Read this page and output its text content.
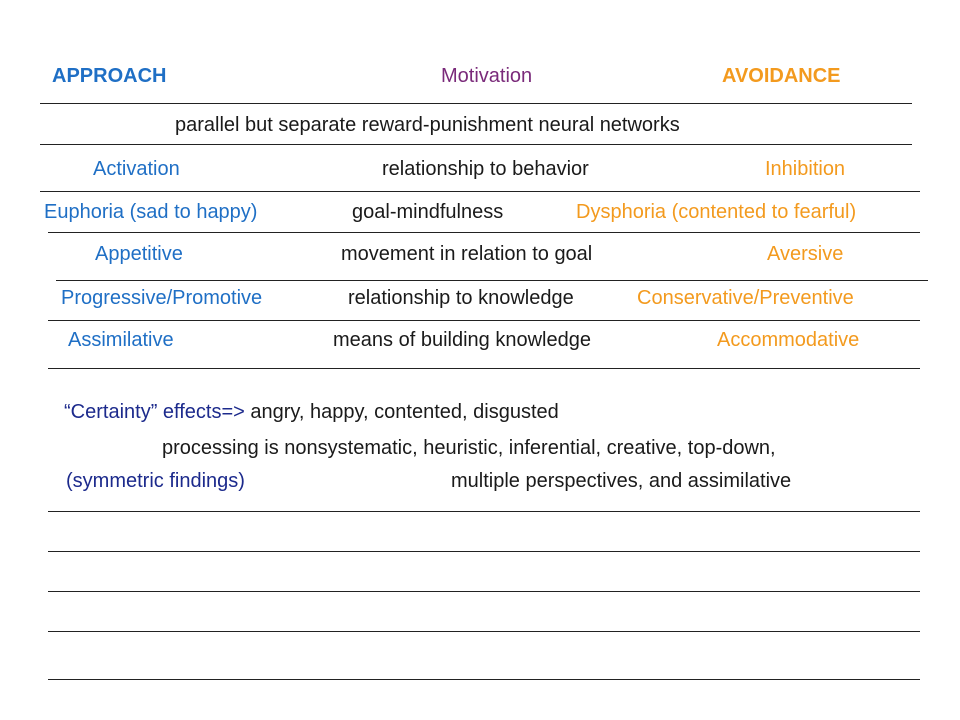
APPROACH	Motivation	AVOIDANCE
parallel but separate reward-punishment neural networks
Activation	relationship to behavior	Inhibition
Euphoria (sad to happy)	goal-mindfulness	Dysphoria (contented to fearful)
Appetitive	movement in relation to goal	Aversive
Progressive/Promotive	relationship to knowledge	Conservative/Preventive
Assimilative	means of building knowledge	Accommodative
“Certainty” effects=> angry, happy, contented, disgusted
processing is nonsystematic, heuristic, inferential, creative, top-down,
(symmetric findings)	multiple perspectives, and assimilative
